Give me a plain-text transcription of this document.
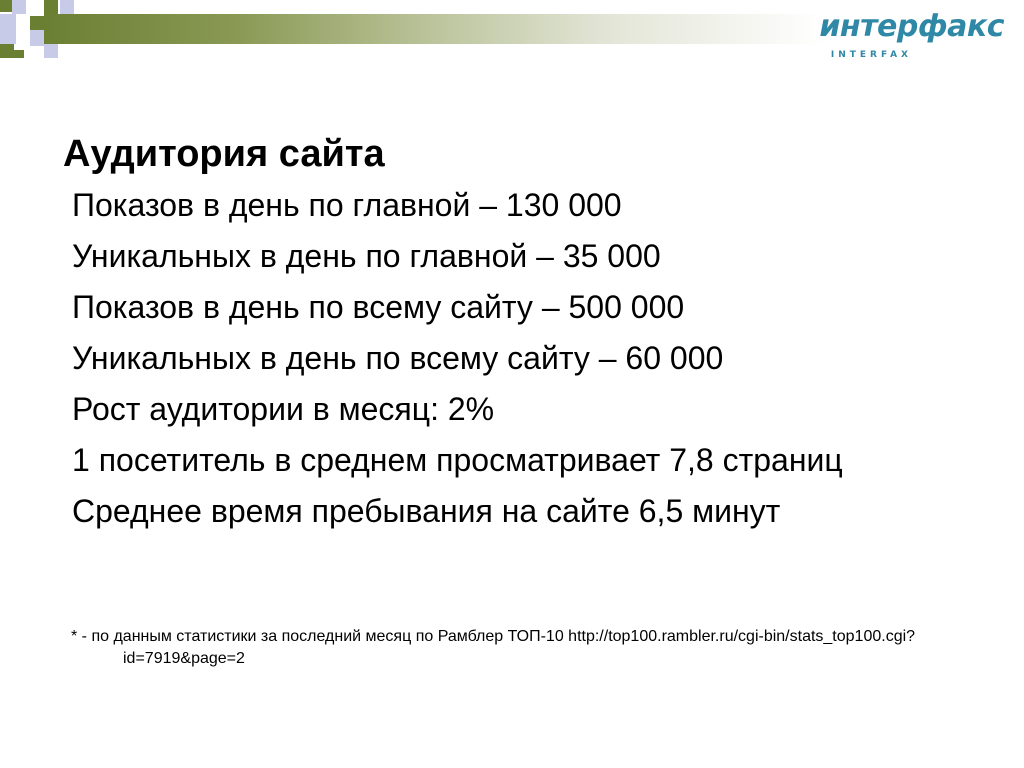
интерфакс
INTERFAX
Аудитория сайта
Показов в день по главной – 130 000
Уникальных в день по главной – 35 000
Показов в день по всему сайту – 500 000
Уникальных в день по всему сайту – 60 000
Рост аудитории в месяц: 2%
1 посетитель в среднем просматривает 7,8 страниц
Среднее время пребывания на сайте 6,5 минут
* - по данным статистики за последний месяц по Рамблер ТОП-10 http://top100.rambler.ru/cgi-bin/stats_top100.cgi?id=7919&page=2
